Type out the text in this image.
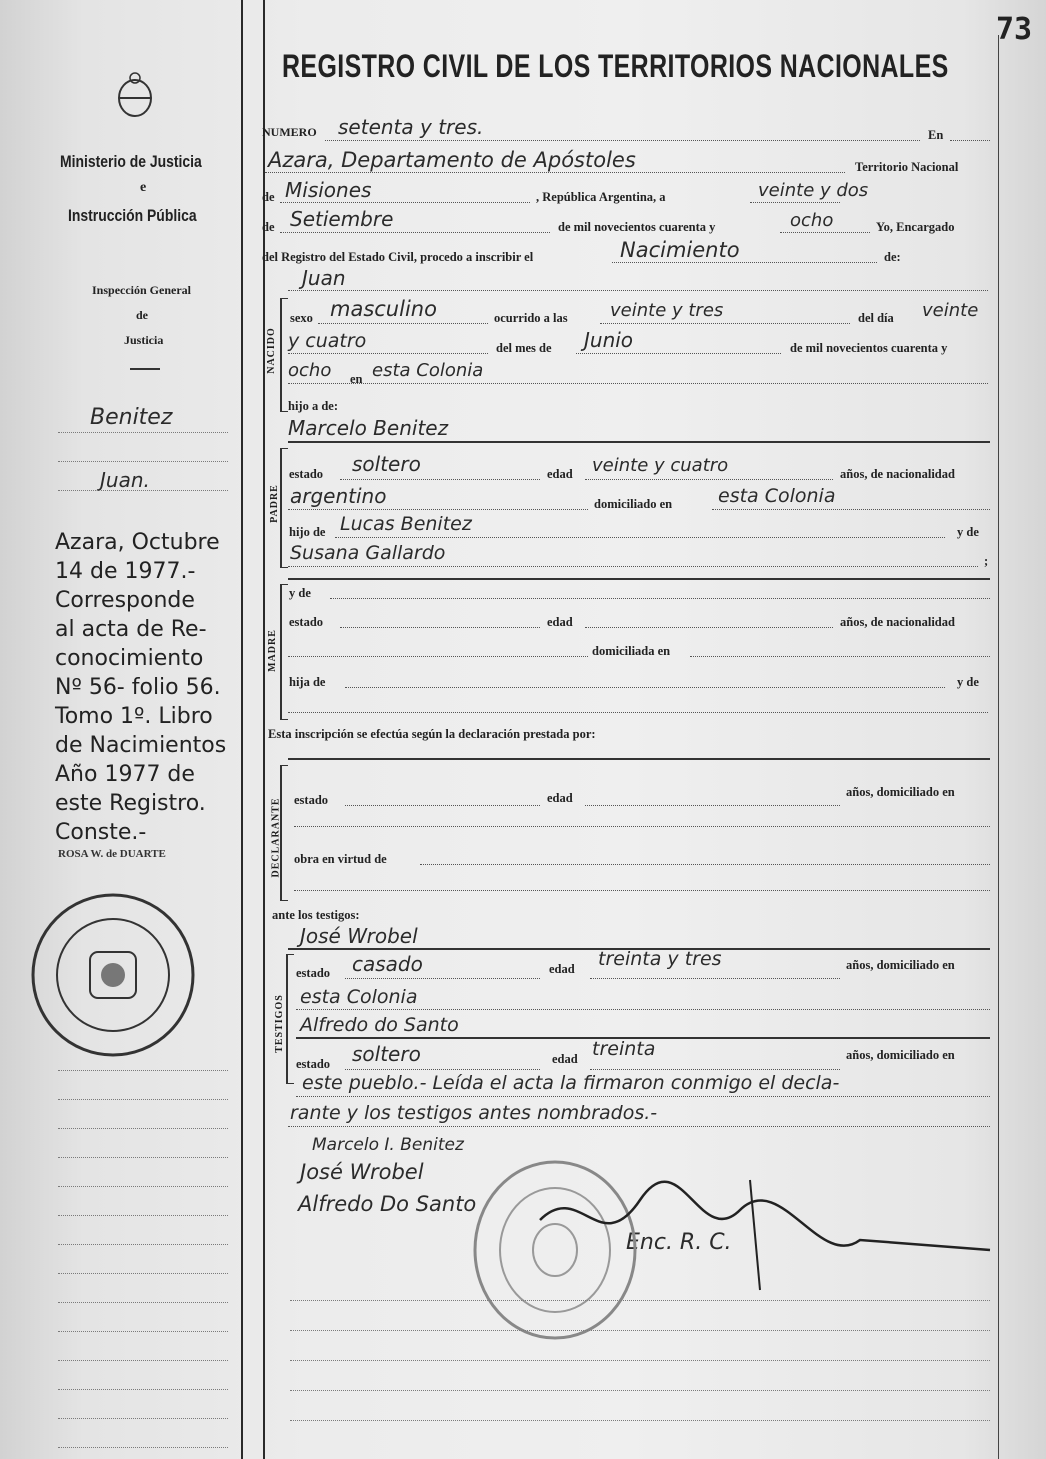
73
REGISTRO CIVIL DE LOS TERRITORIOS NACIONALES
Ministerio de Justicia
e
Instrucción Pública
Inspección General
de
Justicia
Benitez
Juan.
Azara, Octubre
14 de 1977.-
Corresponde
al acta de Re-
conocimiento
Nº 56- folio 56.
Tomo 1º. Libro
de Nacimientos
Año 1977 de
este Registro.
Conste.-
ROSA W. de DUARTE
NUMERO setenta y tres.	En
Azara, Departamento de Apóstoles	Territorio Nacional
de Misiones	, República Argentina, a	veinte y dos
de Setiembre	de mil novecientos cuarenta y	ocho	Yo, Encargado
del Registro del Estado Civil, procedo a inscribir el	Nacimiento	de:
Juan
NACIDO
sexo masculino	ocurrido a las veinte y tres	del día veinte
y cuatro	del mes de Junio	de mil novecientos cuarenta y
ocho en esta Colonia
hijo a de:
Marcelo Benitez
PADRE
estado soltero	edad veinte y cuatro	años, de nacionalidad
argentino	domiciliado en esta Colonia
hijo de Lucas Benitez	y de
Susana Gallardo	;
MADRE
y de
estado	edad	años, de nacionalidad
domiciliada en
hija de	y de
Esta inscripción se efectúa según la declaración prestada por:
DECLARANTE estado	edad	años, domiciliado en
obra en virtud de
ante los testigos:
José Wrobel
TESTIGOS
estado casado	edad treinta y tres	años, domiciliado en
esta Colonia
Alfredo do Santo
estado soltero	edad treinta	años, domiciliado en
este pueblo.- Leída el acta la firmaron conmigo el decla-
rante y los testigos antes nombrados.-
Marcelo I. Benitez
José Wrobel
Alfredo Do Santo
Enc. R. C.
